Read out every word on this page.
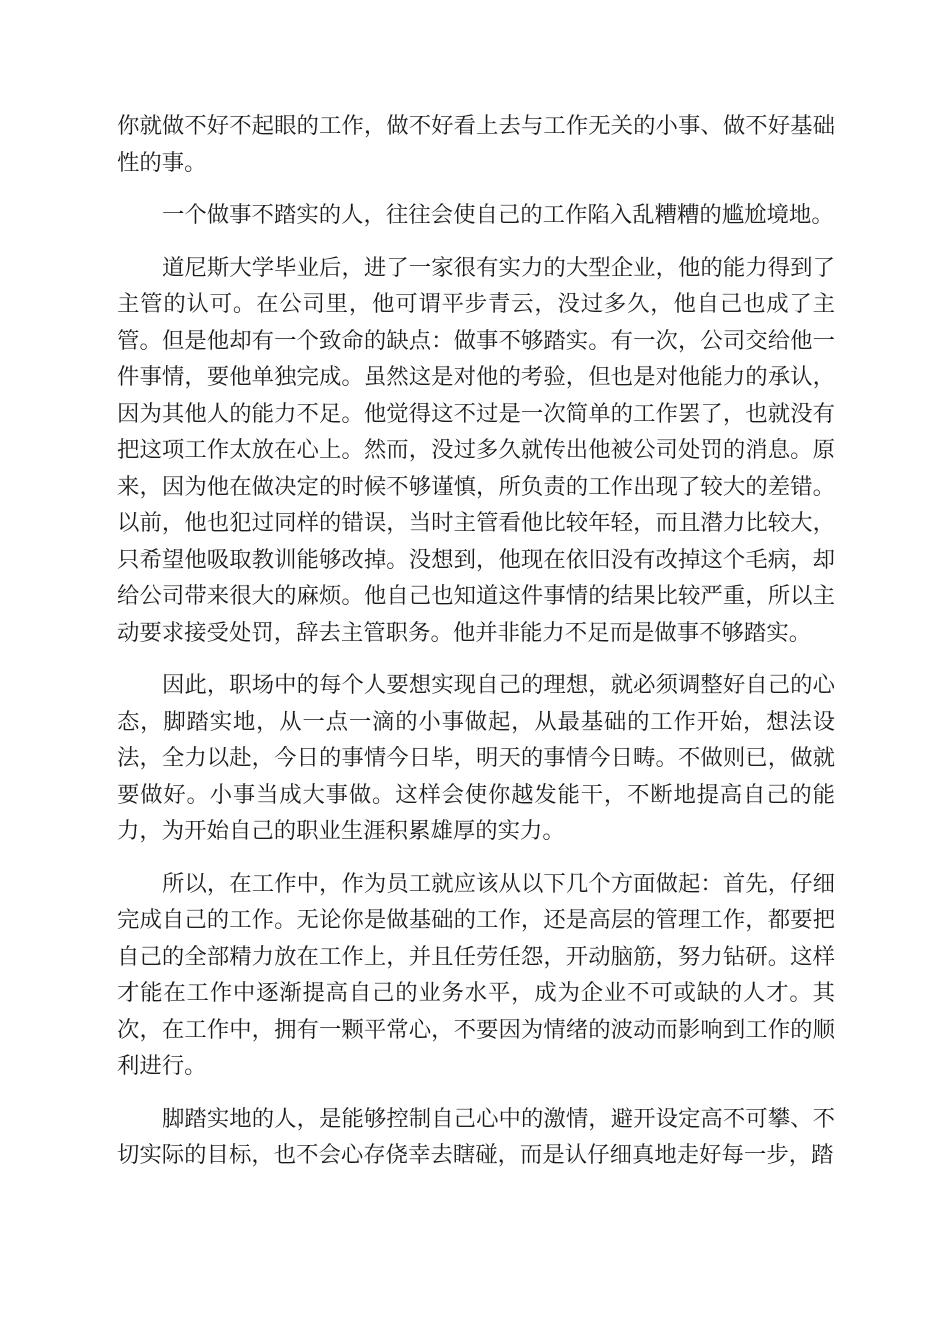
你就做不好不起眼的工作，做不好看上去与工作无关的小事、做不好基础性的事。

一个做事不踏实的人，往往会使自己的工作陷入乱糟糟的尴尬境地。

道尼斯大学毕业后，进了一家很有实力的大型企业，他的能力得到了主管的认可。在公司里，他可谓平步青云，没过多久，他自己也成了主管。但是他却有一个致命的缺点：做事不够踏实。有一次，公司交给他一件事情，要他单独完成。虽然这是对他的考验，但也是对他能力的承认，因为其他人的能力不足。他觉得这不过是一次简单的工作罢了，也就没有把这项工作太放在心上。然而，没过多久就传出他被公司处罚的消息。原来，因为他在做决定的时候不够谨慎，所负责的工作出现了较大的差错。以前，他也犯过同样的错误，当时主管看他比较年轻，而且潜力比较大，只希望他吸取教训能够改掉。没想到，他现在依旧没有改掉这个毛病，却给公司带来很大的麻烦。他自己也知道这件事情的结果比较严重，所以主动要求接受处罚，辞去主管职务。他并非能力不足而是做事不够踏实。

因此，职场中的每个人要想实现自己的理想，就必须调整好自己的心态，脚踏实地，从一点一滴的小事做起，从最基础的工作开始，想法设法，全力以赴，今日的事情今日毕，明天的事情今日畴。不做则已，做就要做好。小事当成大事做。这样会使你越发能干，不断地提高自己的能力，为开始自己的职业生涯积累雄厚的实力。

所以，在工作中，作为员工就应该从以下几个方面做起：首先，仔细完成自己的工作。无论你是做基础的工作，还是高层的管理工作，都要把自己的全部精力放在工作上，并且任劳任怨，开动脑筋，努力钻研。这样才能在工作中逐渐提高自己的业务水平，成为企业不可或缺的人才。其次，在工作中，拥有一颗平常心，不要因为情绪的波动而影响到工作的顺利进行。

脚踏实地的人，是能够控制自己心中的激情，避开设定高不可攀、不切实际的目标，也不会心存侥幸去瞎碰，而是认仔细真地走好每一步，踏
